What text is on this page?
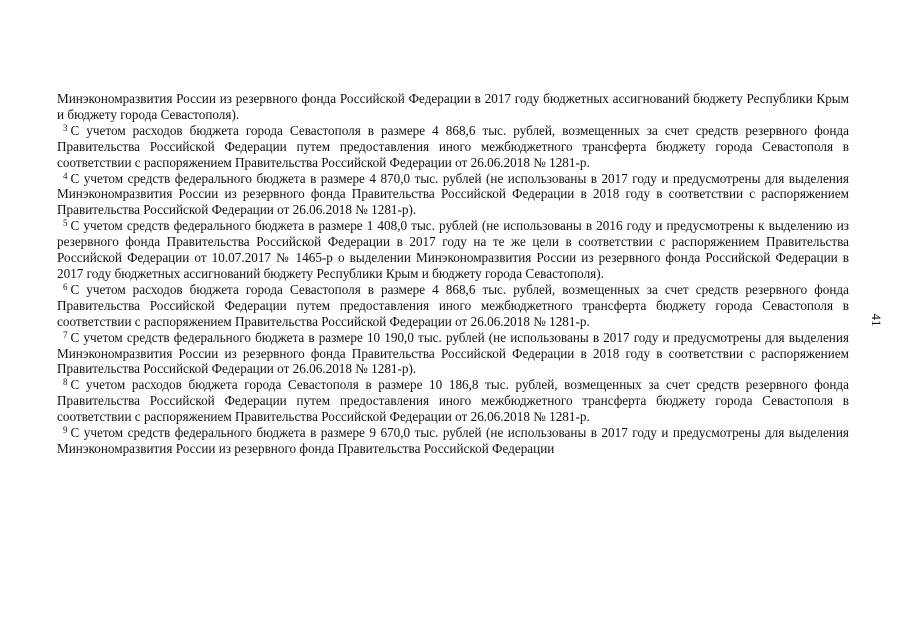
Минэкономразвития России из резервного фонда Российской Федерации в 2017 году бюджетных ассигнований бюджету Республики Крым и бюджету города Севастополя).

$^3$ С учетом расходов бюджета города Севастополя в размере 4 868,6 тыс. рублей, возмещенных за счет средств резервного фонда Правительства Российской Федерации путем предоставления иного межбюджетного трансферта бюджету города Севастополя в соответствии с распоряжением Правительства Российской Федерации от 26.06.2018 № 1281-р.

$^4$ С учетом средств федерального бюджета в размере 4 870,0 тыс. рублей (не использованы в 2017 году и предусмотрены для выделения Минэкономразвития России из резервного фонда Правительства Российской Федерации в 2018 году в соответствии с распоряжением Правительства Российской Федерации от 26.06.2018 № 1281-р).

$^5$ С учетом средств федерального бюджета в размере 1 408,0 тыс. рублей (не использованы в 2016 году и предусмотрены к выделению из резервного фонда Правительства Российской Федерации в 2017 году на те же цели в соответствии с распоряжением Правительства Российской Федерации от 10.07.2017 № 1465-р о выделении Минэкономразвития России из резервного фонда Российской Федерации в 2017 году бюджетных ассигнований бюджету Республики Крым и бюджету города Севастополя).

$^6$ С учетом расходов бюджета города Севастополя в размере 4 868,6 тыс. рублей, возмещенных за счет средств резервного фонда Правительства Российской Федерации путем предоставления иного межбюджетного трансферта бюджету города Севастополя в соответствии с распоряжением Правительства Российской Федерации от 26.06.2018 № 1281-р.

$^7$ С учетом средств федерального бюджета в размере 10 190,0 тыс. рублей (не использованы в 2017 году и предусмотрены для выделения Минэкономразвития России из резервного фонда Правительства Российской Федерации в 2018 году в соответствии с распоряжением Правительства Российской Федерации от 26.06.2018 № 1281-р).

$^8$ С учетом расходов бюджета города Севастополя в размере 10 186,8 тыс. рублей, возмещенных за счет средств резервного фонда Правительства Российской Федерации путем предоставления иного межбюджетного трансферта бюджету города Севастополя в соответствии с распоряжением Правительства Российской Федерации от 26.06.2018 № 1281-р.

$^9$ С учетом средств федерального бюджета в размере 9 670,0 тыс. рублей (не использованы в 2017 году и предусмотрены для выделения Минэкономразвития России из резервного фонда Правительства Российской Федерации

41
